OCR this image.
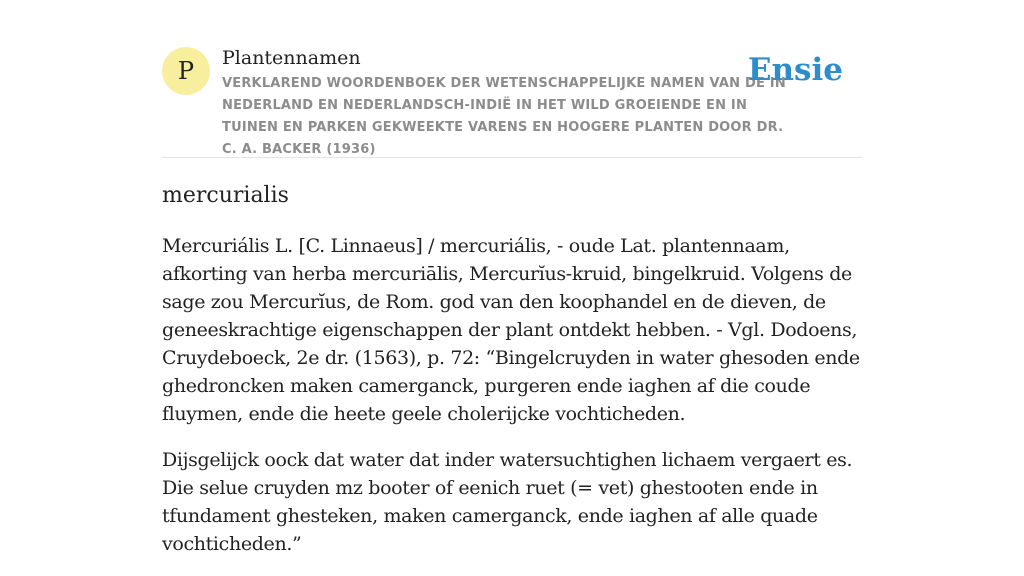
P	Plantennamen
VERKLAREND WOORDENBOEK DER WETENSCHAPPELIJKE NAMEN VAN DE IN NEDERLAND EN NEDERLANDSCH-INDIË IN HET WILD GROEIENDE EN IN TUINEN EN PARKEN GEKWEEKTE VARENS EN HOOGERE PLANTEN DOOR DR. C. A. BACKER (1936)
Ensie
mercurialis

Mercuriális L. [C. Linnaeus] / mercuriális, - oude Lat. plantennaam, afkorting van herba mercuriālis, Mercurĭus-kruid, bingelkruid. Volgens de sage zou Mercurĭus, de Rom. god van den koophandel en de dieven, de geneeskrachtige eigenschappen der plant ontdekt hebben. - Vgl. Dodoens, Cruydeboeck, 2e dr. (1563), p. 72: “Bingelcruyden in water ghesoden ende ghedroncken maken camerganck, purgeren ende iaghen af die coude fluymen, ende die heete geele cholerijcke vochticheden.

Dijsgelijck oock dat water dat inder watersuchtighen lichaem vergaert es. Die selue cruyden mz booter of eenich ruet (= vet) ghestooten ende in tfundament ghesteken, maken camerganck, ende iaghen af alle quade vochticheden.”
